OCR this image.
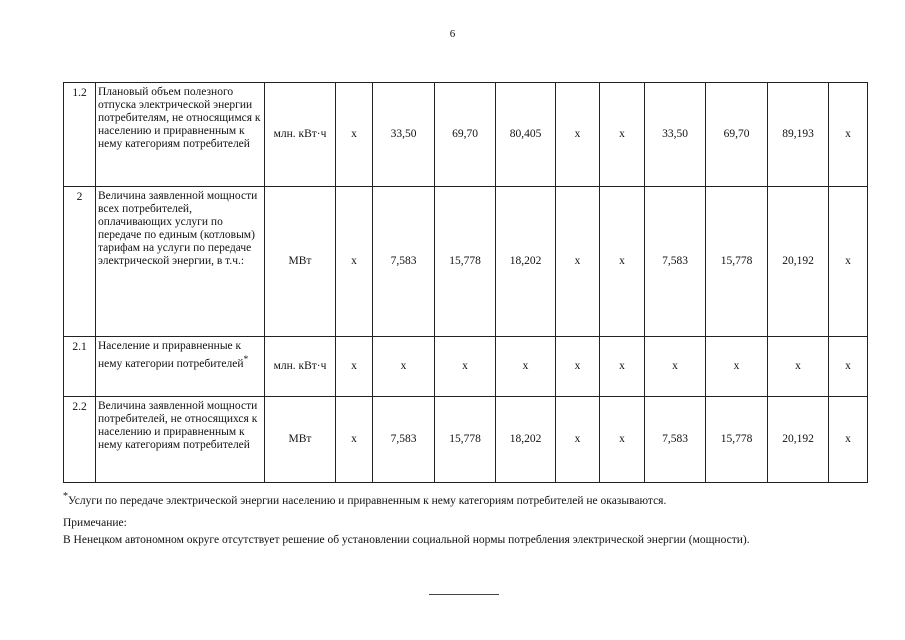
6
1.2	Плановый объем полезного отпуска электрической энергии потребителям, не относящимся к населению и приравненным к нему категориям потребителей	млн. кВт·ч	х	33,50	69,70	80,405	х	х	33,50	69,70	89,193	х
2	Величина заявленной мощности всех потребителей, оплачивающих услуги по передаче по единым (котловым) тарифам на услуги по передаче электрической энергии, в т.ч.:	МВт	х	7,583	15,778	18,202	х	х	7,583	15,778	20,192	х
2.1	Население и приравненные к нему категории потребителей*	млн. кВт·ч	х	х	х	х	х	х	х	х	х	х
2.2	Величина заявленной мощности потребителей, не относящихся к населению и приравненным к нему категориям потребителей	МВт	х	7,583	15,778	18,202	х	х	7,583	15,778	20,192	х
*Услуги по передаче электрической энергии населению и приравненным к нему категориям потребителей не оказываются.
Примечание:
В Ненецком автономном округе отсутствует решение об установлении социальной нормы потребления электрической энергии (мощности).
